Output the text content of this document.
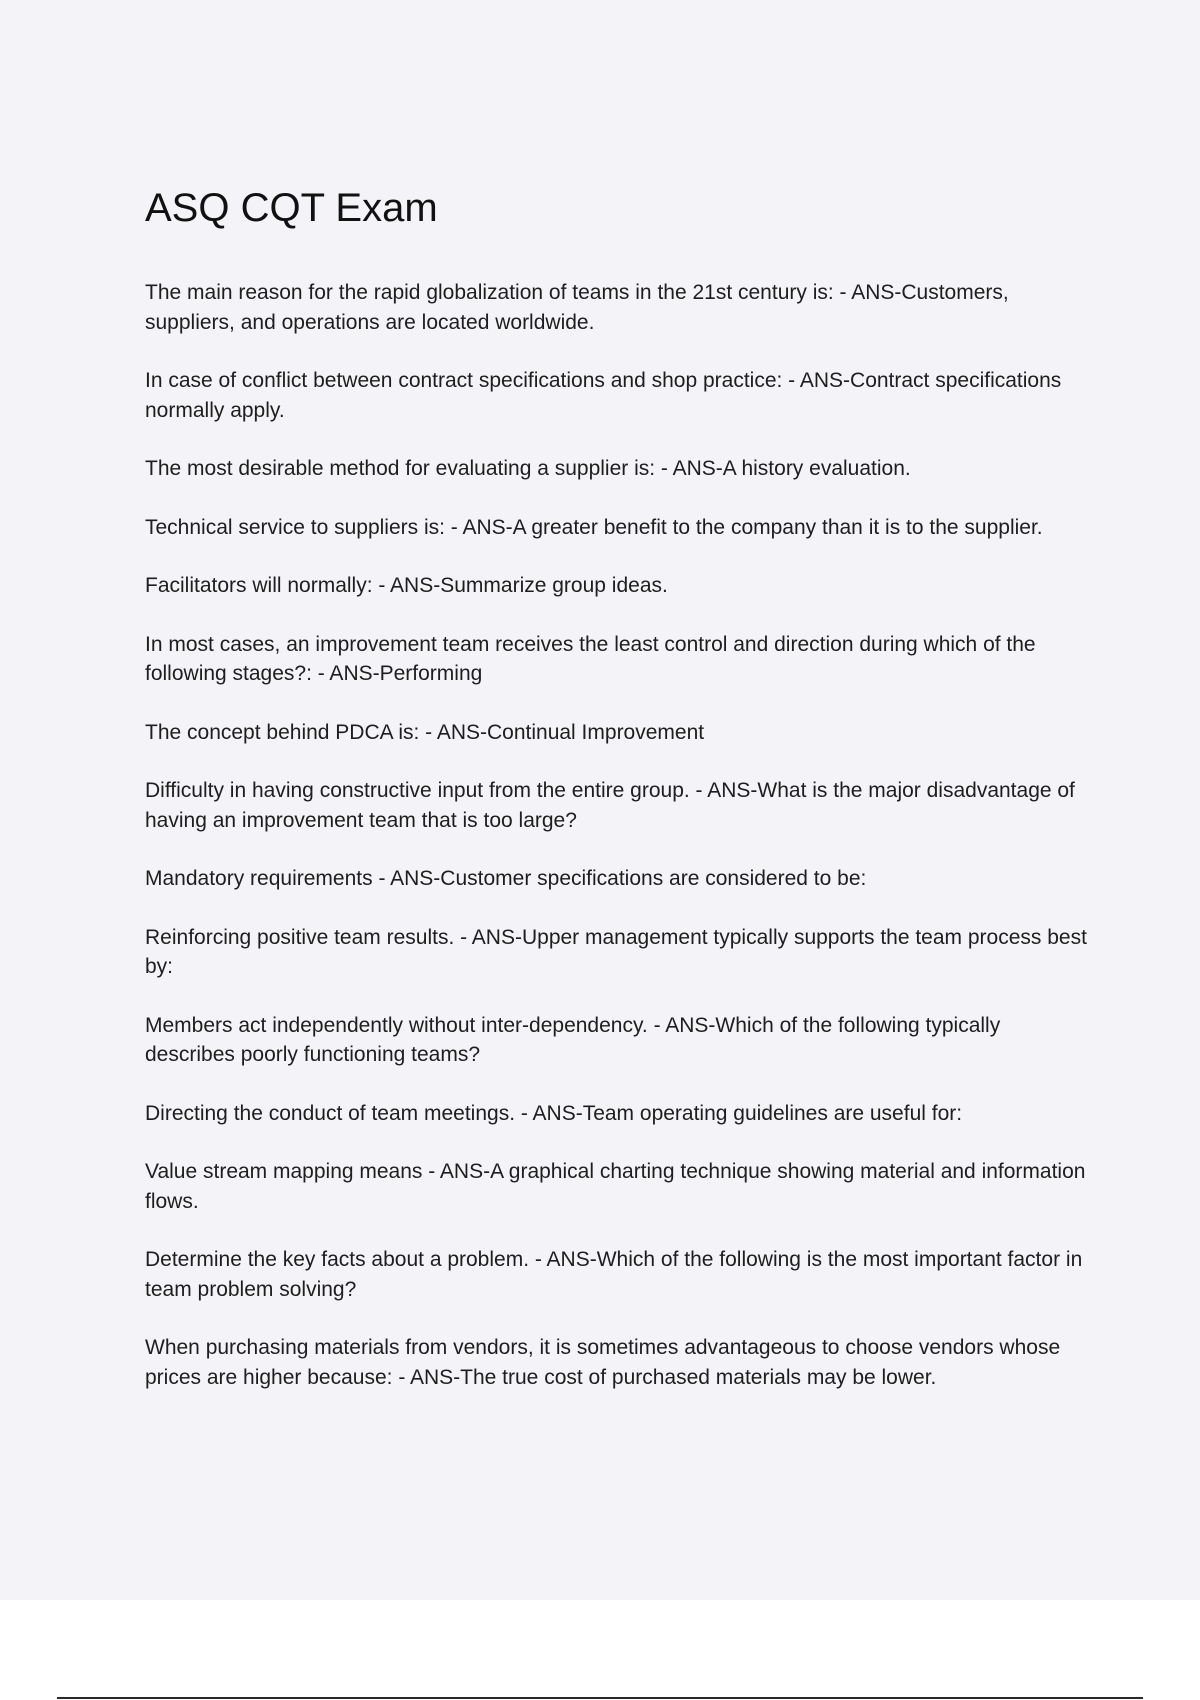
ASQ CQT Exam
The main reason for the rapid globalization of teams in the 21st century is: - ANS-Customers, suppliers, and operations are located worldwide.
In case of conflict between contract specifications and shop practice: - ANS-Contract specifications normally apply.
The most desirable method for evaluating a supplier is: - ANS-A history evaluation.
Technical service to suppliers is: - ANS-A greater benefit to the company than it is to the supplier.
Facilitators will normally: - ANS-Summarize group ideas.
In most cases, an improvement team receives the least control and direction during which of the following stages?: - ANS-Performing
The concept behind PDCA is: - ANS-Continual Improvement
Difficulty in having constructive input from the entire group. - ANS-What is the major disadvantage of having an improvement team that is too large?
Mandatory requirements - ANS-Customer specifications are considered to be:
Reinforcing positive team results. - ANS-Upper management typically supports the team process best by:
Members act independently without inter-dependency. - ANS-Which of the following typically describes poorly functioning teams?
Directing the conduct of team meetings. - ANS-Team operating guidelines are useful for:
Value stream mapping means - ANS-A graphical charting technique showing material and information flows.
Determine the key facts about a problem. - ANS-Which of the following is the most important factor in team problem solving?
When purchasing materials from vendors, it is sometimes advantageous to choose vendors whose prices are higher because: - ANS-The true cost of purchased materials may be lower.
